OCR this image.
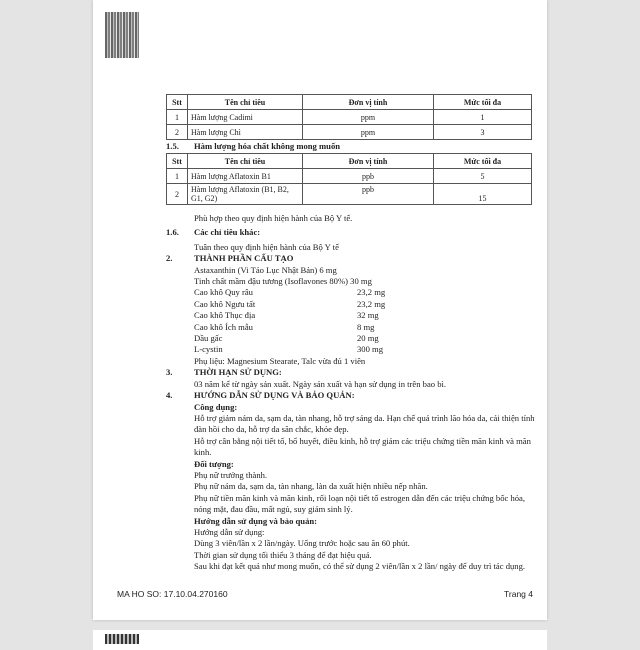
Stt	Tên chỉ tiêu	Đơn vị tính	Mức tối đa
1	Hàm lượng Cadimi	ppm	1
2	Hàm lượng Chì	ppm	3
1.5.	Hàm lượng hóa chất không mong muốn
Stt	Tên chỉ tiêu	Đơn vị tính	Mức tối đa
1	Hàm lượng Aflatoxin B1	ppb	5
2	Hàm lượng Aflatoxin (B1, B2, G1, G2)	ppb	15
Phù hợp theo quy định hiện hành của Bộ Y tế.
1.6.	Các chỉ tiêu khác:
Tuân theo quy định hiện hành của Bộ Y tế
2.	THÀNH PHẦN CẤU TẠO
Astaxanthin (Vi Tảo Lục Nhật Bản) 6 mg
Tinh chất mầm đậu tương (Isoflavones 80%) 30 mg
Cao khô Quy râu	23,2 mg
Cao khô Ngưu tất	23,2 mg
Cao khô Thục địa	32 mg
Cao khô Ích mẫu	8 mg
Dầu gấc	20 mg
L-cystin	300 mg
Phụ liệu: Magnesium Stearate, Talc vừa đủ 1 viên
3.	THỜI HẠN SỬ DỤNG:
03 năm kể từ ngày sản xuất. Ngày sản xuất và hạn sử dụng in trên bao bì.
4.	HƯỚNG DẪN SỬ DỤNG VÀ BẢO QUẢN:
Công dụng:
Hỗ trợ giảm nám da, sạm da, tàn nhang, hỗ trợ sáng da. Hạn chế quá trình lão hóa da, cải thiện tính đàn hồi cho da, hỗ trợ da săn chắc, khỏe đẹp.
Hỗ trợ cân bằng nội tiết tố, bổ huyết, điều kinh, hỗ trợ giảm các triệu chứng tiền mãn kinh và mãn kinh.
Đối tượng:
Phụ nữ trưởng thành.
Phụ nữ nám da, sạm da, tàn nhang, làn da xuất hiện nhiều nếp nhăn.
Phụ nữ tiền mãn kinh và mãn kinh, rối loạn nội tiết tố estrogen dẫn đến các triệu chứng bốc hỏa, nóng mặt, đau đầu, mất ngủ, suy giảm sinh lý.
Hướng dẫn sử dụng và bảo quản:
Hướng dẫn sử dụng:
Dùng 3 viên/lần x 2 lần/ngày. Uống trước hoặc sau ăn 60 phút.
Thời gian sử dụng tối thiểu 3 tháng để đạt hiệu quả.
Sau khi đạt kết quả như mong muốn, có thể sử dụng 2 viên/lần x 2 lần/ ngày để duy trì tác dụng.
MA HO SO: 17.10.04.270160	Trang 4
